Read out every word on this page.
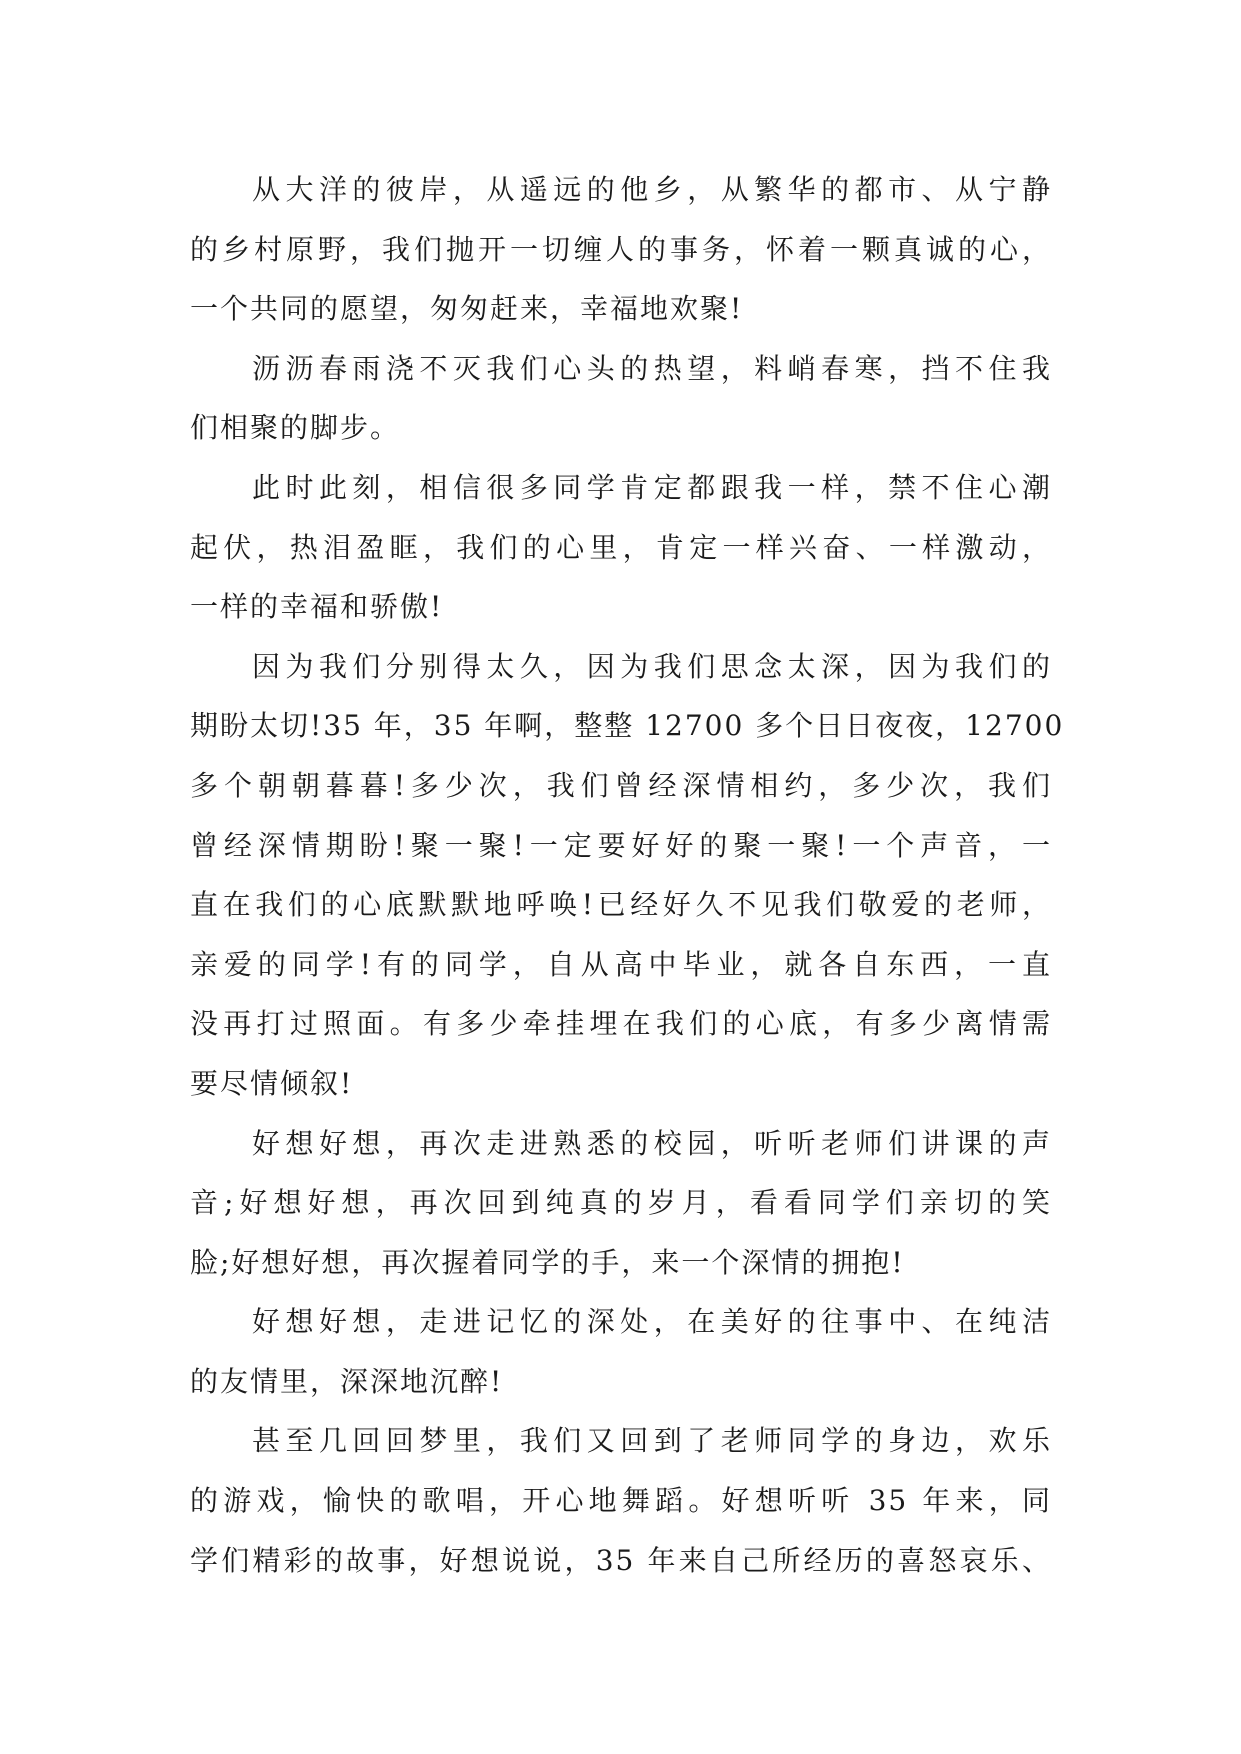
从大洋的彼岸，从遥远的他乡，从繁华的都市、从宁静
的乡村原野，我们抛开一切缠人的事务，怀着一颗真诚的心，
一个共同的愿望，匆匆赶来，幸福地欢聚!
沥沥春雨浇不灭我们心头的热望，料峭春寒，挡不住我
们相聚的脚步。
此时此刻，相信很多同学肯定都跟我一样，禁不住心潮
起伏，热泪盈眶，我们的心里，肯定一样兴奋、一样激动，
一样的幸福和骄傲!
因为我们分别得太久，因为我们思念太深，因为我们的
期盼太切!35 年，35 年啊，整整 12700 多个日日夜夜，12700
多个朝朝暮暮!多少次，我们曾经深情相约，多少次，我们
曾经深情期盼!聚一聚!一定要好好的聚一聚!一个声音，一
直在我们的心底默默地呼唤!已经好久不见我们敬爱的老师，
亲爱的同学!有的同学，自从高中毕业，就各自东西，一直
没再打过照面。有多少牵挂埋在我们的心底，有多少离情需
要尽情倾叙!
好想好想，再次走进熟悉的校园，听听老师们讲课的声
音;好想好想，再次回到纯真的岁月，看看同学们亲切的笑
脸;好想好想，再次握着同学的手，来一个深情的拥抱!
好想好想，走进记忆的深处，在美好的往事中、在纯洁
的友情里，深深地沉醉!
甚至几回回梦里，我们又回到了老师同学的身边，欢乐
的游戏，愉快的歌唱，开心地舞蹈。好想听听 35 年来，同
学们精彩的故事，好想说说，35 年来自己所经历的喜怒哀乐、
